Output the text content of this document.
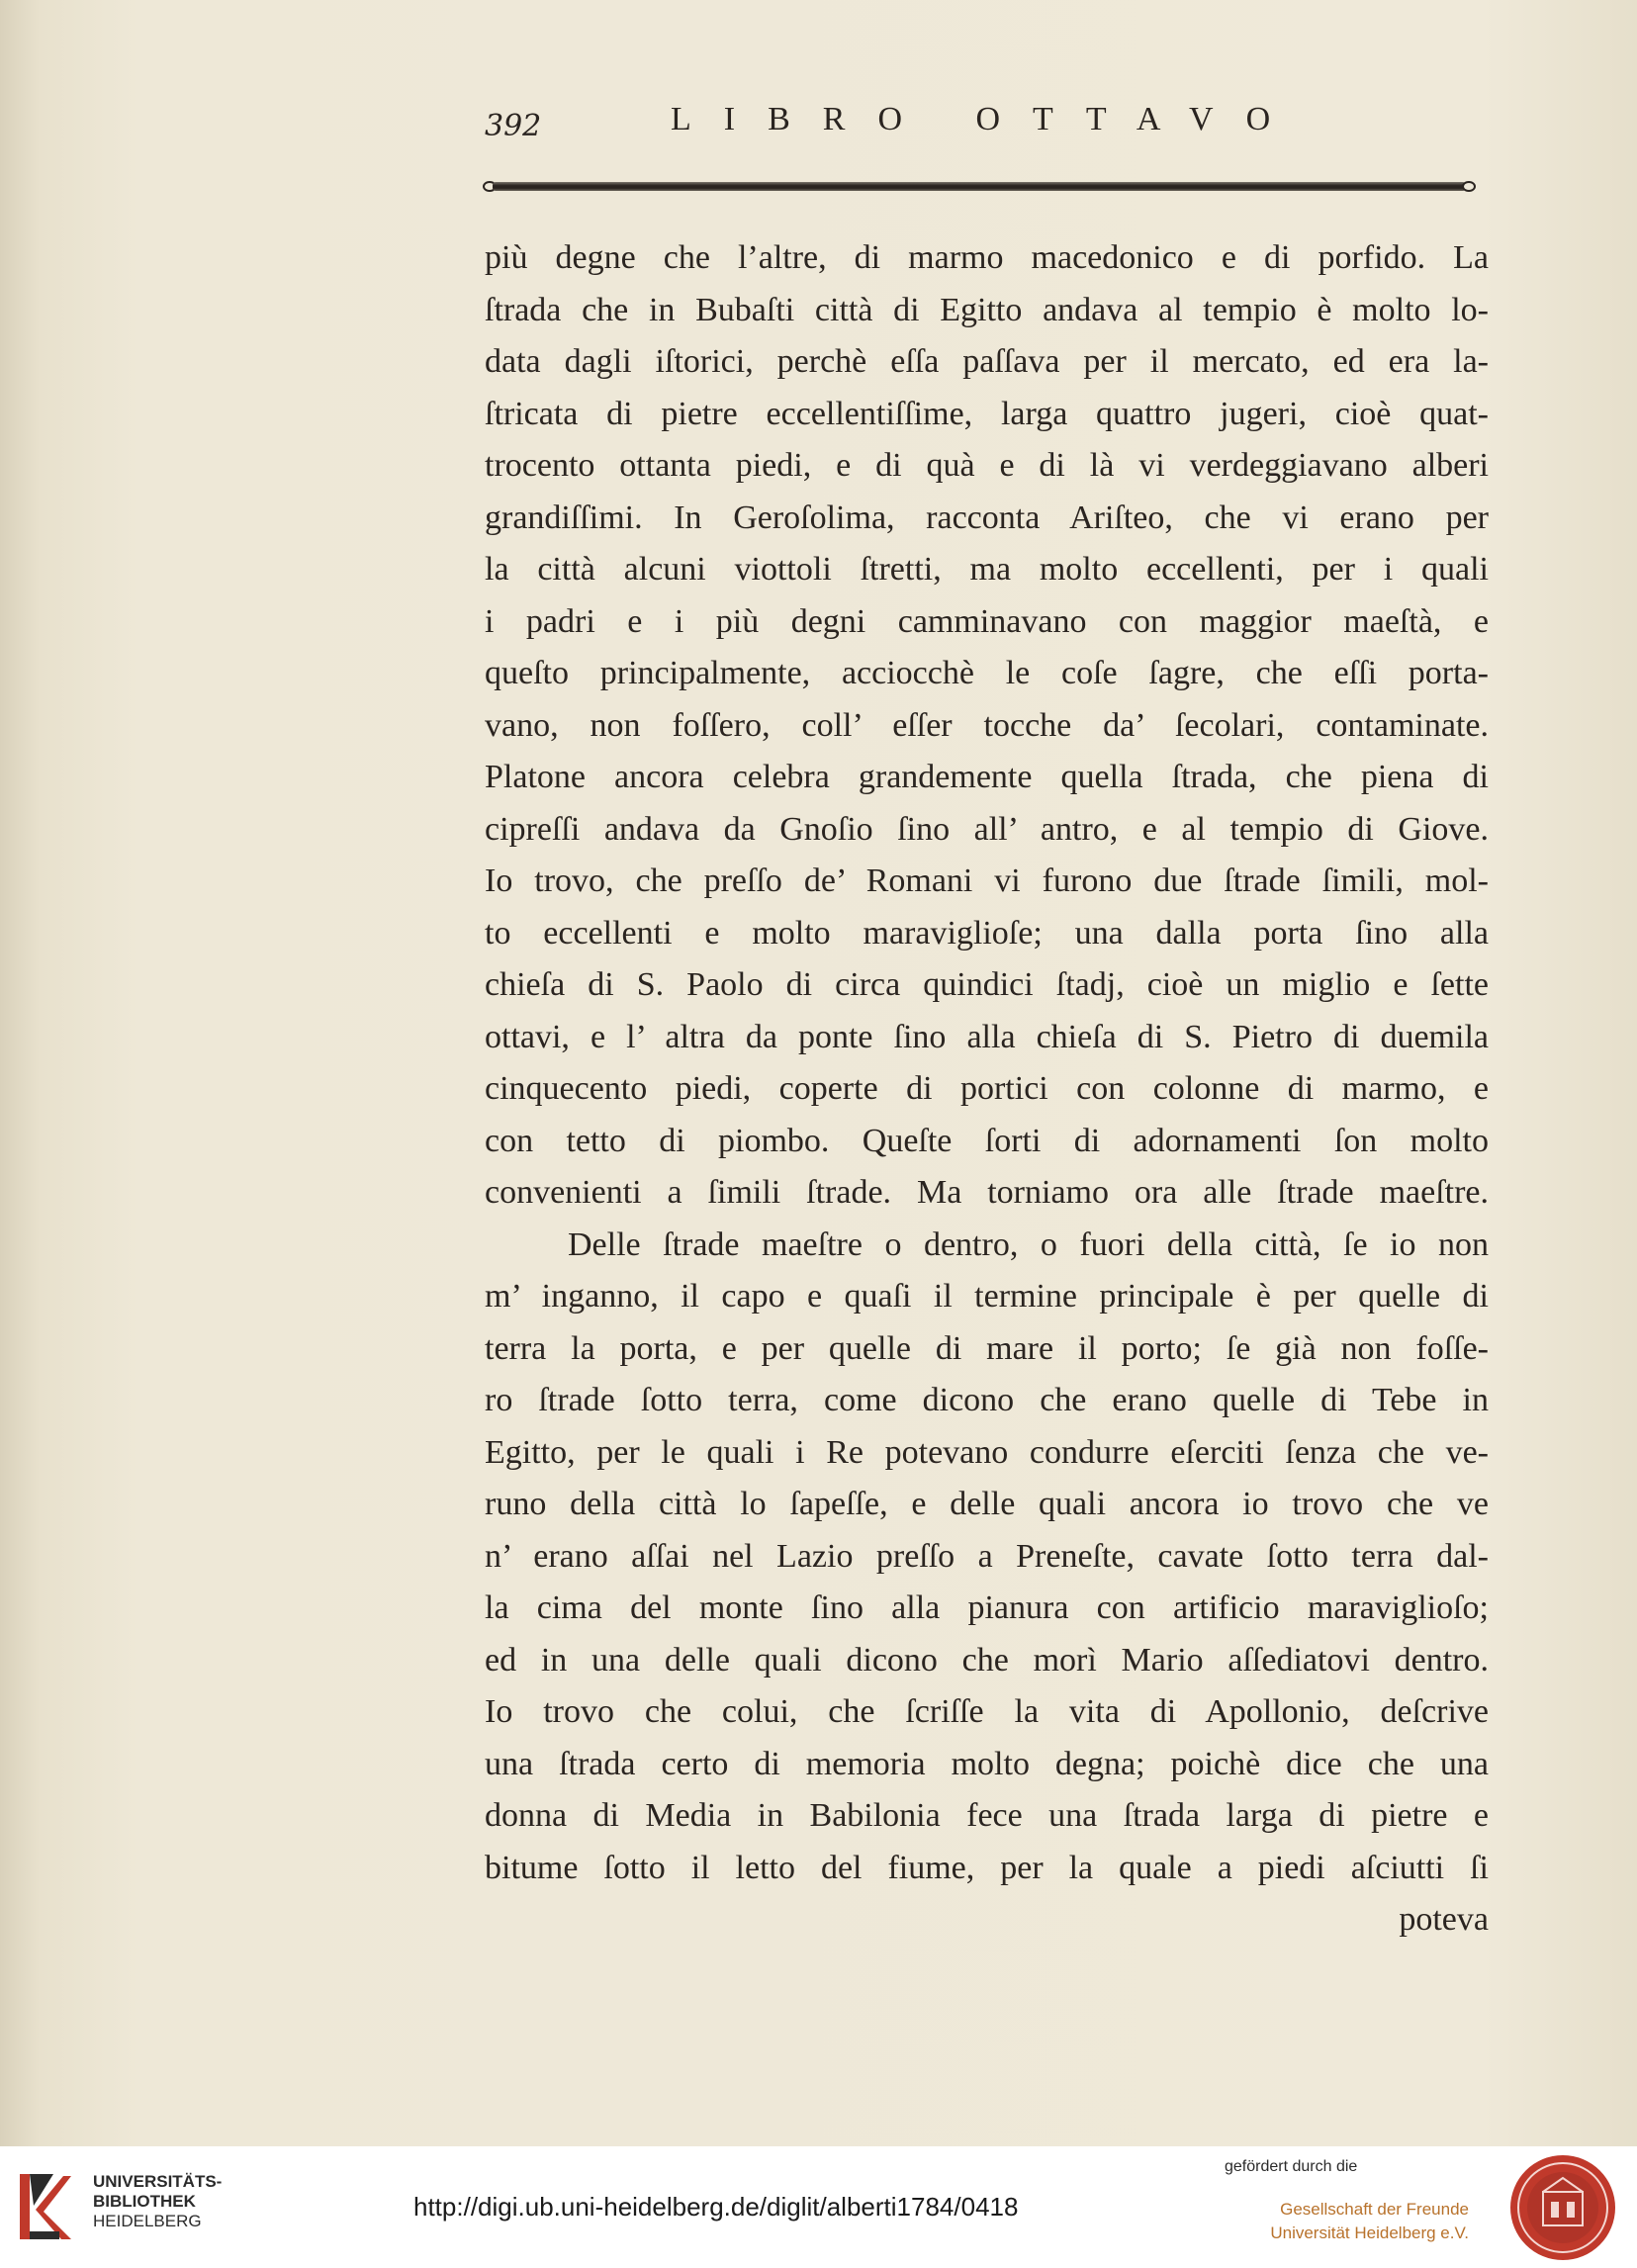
392	LIBRO OTTAVO
più degne che l’altre, di marmo macedonico e di porfido. La
ſtrada che in Bubaſti città di Egitto andava al tempio è molto lo-
data dagli iſtorici, perchè eſſa paſſava per il mercato, ed era la-
ſtricata di pietre eccellentiſſime, larga quattro jugeri, cioè quat-
trocento ottanta piedi, e di quà e di là vi verdeggiavano alberi
grandiſſimi. In Geroſolima, racconta Ariſteo, che vi erano per
la città alcuni viottoli ſtretti, ma molto eccellenti, per i quali
i padri e i più degni camminavano con maggior maeſtà, e
queſto principalmente, acciocchè le coſe ſagre, che eſſi porta-
vano, non foſſero, coll’ eſſer tocche da’ ſecolari, contaminate.
Platone ancora celebra grandemente quella ſtrada, che piena di
cipreſſi andava da Gnoſio ſino all’ antro, e al tempio di Giove.
Io trovo, che preſſo de’ Romani vi furono due ſtrade ſimili, mol-
to eccellenti e molto maraviglioſe; una dalla porta ſino alla
chieſa di S. Paolo di circa quindici ſtadj, cioè un miglio e ſette
ottavi, e l’ altra da ponte ſino alla chieſa di S. Pietro di duemila
cinquecento piedi, coperte di portici con colonne di marmo, e
con tetto di piombo. Queſte ſorti di adornamenti ſon molto
convenienti a ſimili ſtrade. Ma torniamo ora alle ſtrade maeſtre.
Delle ſtrade maeſtre o dentro, o fuori della città, ſe io non
m’ inganno, il capo e quaſi il termine principale è per quelle di
terra la porta, e per quelle di mare il porto; ſe già non foſſe-
ro ſtrade ſotto terra, come dicono che erano quelle di Tebe in
Egitto, per le quali i Re potevano condurre eſerciti ſenza che ve-
runo della città lo ſapeſſe, e delle quali ancora io trovo che ve
n’ erano aſſai nel Lazio preſſo a Preneſte, cavate ſotto terra dal-
la cima del monte ſino alla pianura con artificio maraviglioſo;
ed in una delle quali dicono che morì Mario aſſediatovi dentro.
Io trovo che colui, che ſcriſſe la vita di Apollonio, deſcrive
una ſtrada certo di memoria molto degna; poichè dice che una
donna di Media in Babilonia fece una ſtrada larga di pietre e
bitume ſotto il letto del fiume, per la quale a piedi aſciutti ſi
poteva
UNIVERSITÄTS-
BIBLIOTHEK
HEIDELBERG	http://digi.ub.uni-heidelberg.de/diglit/alberti1784/0418
gefördert durch die
Gesellschaft der Freunde
Universität Heidelberg e.V.
